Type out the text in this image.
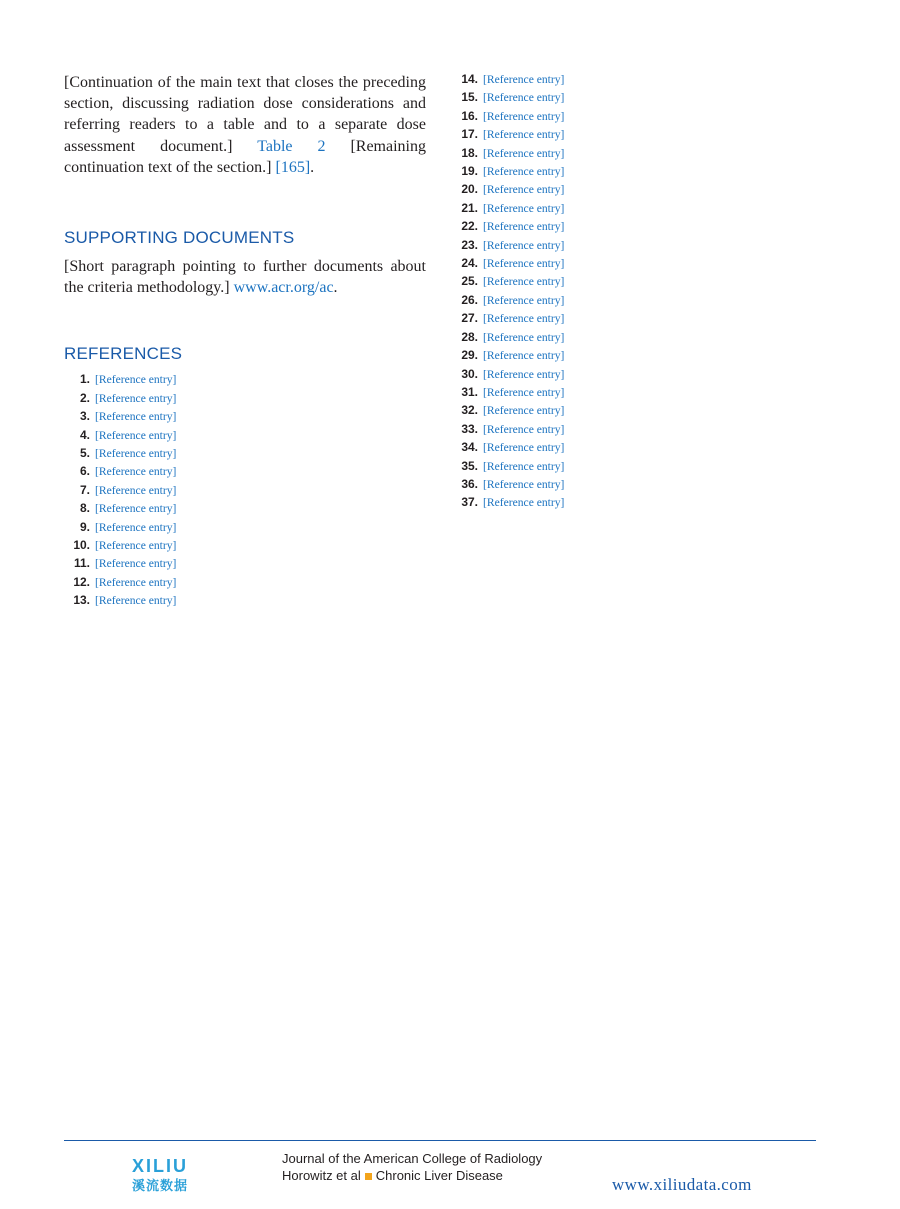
[Continuation of the main text that closes the preceding section, discussing radiation dose considerations and referring readers to a table and to a separate dose assessment document.] Table 2 [Remaining continuation text of the section.] [165].

SUPPORTING DOCUMENTS

[Short paragraph pointing to further documents about the criteria methodology.] www.acr.org/ac.

REFERENCES
1. [Reference entry]
2. [Reference entry]
3. [Reference entry]
4. [Reference entry]
5. [Reference entry]
6. [Reference entry]
7. [Reference entry]
8. [Reference entry]
9. [Reference entry]
10. [Reference entry]
11. [Reference entry]
12. [Reference entry]
13. [Reference entry]
14. [Reference entry]
15. [Reference entry]
16. [Reference entry]
17. [Reference entry]
18. [Reference entry]
19. [Reference entry]
20. [Reference entry]
21. [Reference entry]
22. [Reference entry]
23. [Reference entry]
24. [Reference entry]
25. [Reference entry]
26. [Reference entry]
27. [Reference entry]
28. [Reference entry]
29. [Reference entry]
30. [Reference entry]
31. [Reference entry]
32. [Reference entry]
33. [Reference entry]
34. [Reference entry]
35. [Reference entry]
36. [Reference entry]
37. [Reference entry]
XILIU
溪流数据
Journal of the American College of Radiology
Horowitz et al Chronic Liver Disease	www.xiliudata.com
